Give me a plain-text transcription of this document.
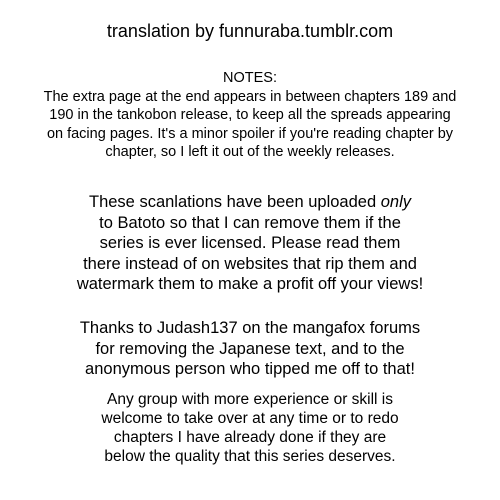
translation by funnuraba.tumblr.com
NOTES:
The extra page at the end appears in between chapters 189 and
190 in the tankobon release, to keep all the spreads appearing
on facing pages. It's a minor spoiler if you're reading chapter by
chapter, so I left it out of the weekly releases.
These scanlations have been uploaded only
to Batoto so that I can remove them if the
series is ever licensed. Please read them
there instead of on websites that rip them and
watermark them to make a profit off your views!
Thanks to Judash137 on the mangafox forums
for removing the Japanese text, and to the
anonymous person who tipped me off to that!
Any group with more experience or skill is
welcome to take over at any time or to redo
chapters I have already done if they are
below the quality that this series deserves.
